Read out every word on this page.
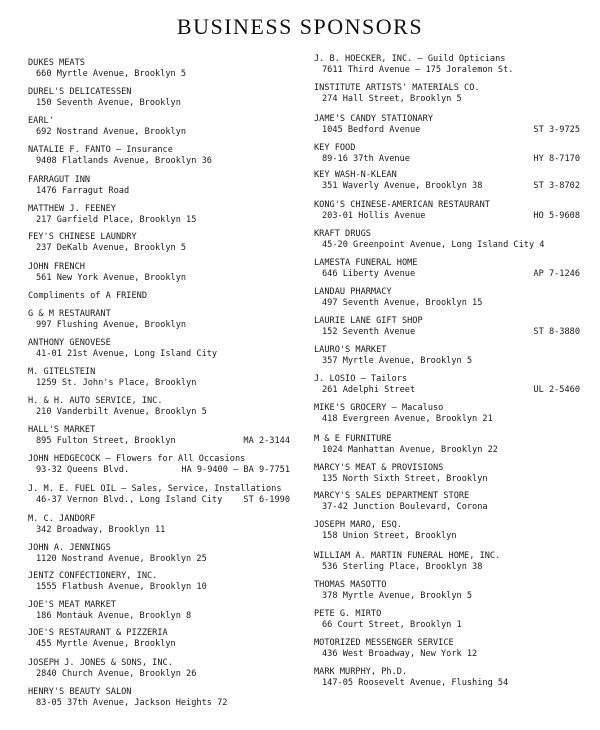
BUSINESS SPONSORS
DUKES MEATS
660 Myrtle Avenue, Brooklyn 5
DUREL'S DELICATESSEN
150 Seventh Avenue, Brooklyn
EARL'
692 Nostrand Avenue, Brooklyn
NATALIE F. FANTO — Insurance
9408 Flatlands Avenue, Brooklyn 36
FARRAGUT INN
1476 Farragut Road
MATTHEW J. FEENEY
217 Garfield Place, Brooklyn 15
FEY'S CHINESE LAUNDRY
237 DeKalb Avenue, Brooklyn 5
JOHN FRENCH
561 New York Avenue, Brooklyn
Compliments of A FRIEND
G & M RESTAURANT
997 Flushing Avenue, Brooklyn
ANTHONY GENOVESE
41-01 21st Avenue, Long Island City
M. GITELSTEIN
1259 St. John's Place, Brooklyn
H. & H. AUTO SERVICE, INC.
210 Vanderbilt Avenue, Brooklyn 5
HALL'S MARKET
895 Fulton Street, Brooklyn	MA 2-3144
JOHN HEDGECOCK — Flowers for All Occasions
93-32 Queens Blvd.	HA 9-9400 — BA 9-7751
J. M. E. FUEL OIL — Sales, Service, Installations
46-37 Vernon Blvd., Long Island City	ST 6-1990
M. C. JANDORF
342 Broadway, Brooklyn 11
JOHN A. JENNINGS
1120 Nostrand Avenue, Brooklyn 25
JENTZ CONFECTIONERY, INC.
1555 Flatbush Avenue, Brooklyn 10
JOE'S MEAT MARKET
186 Montauk Avenue, Brooklyn 8
JOE'S RESTAURANT & PIZZERIA
455 Myrtle Avenue, Brooklyn
JOSEPH J. JONES & SONS, INC.
2840 Church Avenue, Brooklyn 26
HENRY'S BEAUTY SALON
83-05 37th Avenue, Jackson Heights 72
J. B. HOECKER, INC. — Guild Opticians
7611 Third Avenue — 175 Joralemon St.
INSTITUTE ARTISTS' MATERIALS CO.
274 Hall Street, Brooklyn 5
JAME'S CANDY STATIONARY
1045 Bedford Avenue	ST 3-9725
KEY FOOD
89-16 37th Avenue	HY 8-7170
KEY WASH-N-KLEAN
351 Waverly Avenue, Brooklyn 38	ST 3-8702
KONG'S CHINESE-AMERICAN RESTAURANT
203-01 Hollis Avenue	HO 5-9608
KRAFT DRUGS
45-20 Greenpoint Avenue, Long Island City 4
LAMESTA FUNERAL HOME
646 Liberty Avenue	AP 7-1246
LANDAU PHARMACY
497 Seventh Avenue, Brooklyn 15
LAURIE LANE GIFT SHOP
152 Seventh Avenue	ST 8-3880
LAURO'S MARKET
357 Myrtle Avenue, Brooklyn 5
J. LOSIO — Tailors
261 Adelphi Street	UL 2-5460
MIKE'S GROCERY — Macaluso
418 Evergreen Avenue, Brooklyn 21
M & E FURNITURE
1024 Manhattan Avenue, Brooklyn 22
MARCY'S MEAT & PROVISIONS
135 North Sixth Street, Brooklyn
MARCY'S SALES DEPARTMENT STORE
37-42 Junction Boulevard, Corona
JOSEPH MARO, ESQ.
158 Union Street, Brooklyn
WILLIAM A. MARTIN FUNERAL HOME, INC.
536 Sterling Place, Brooklyn 38
THOMAS MASOTTO
378 Myrtle Avenue, Brooklyn 5
PETE G. MIRTO
66 Court Street, Brooklyn 1
MOTORIZED MESSENGER SERVICE
436 West Broadway, New York 12
MARK MURPHY, Ph.D.
147-05 Roosevelt Avenue, Flushing 54
